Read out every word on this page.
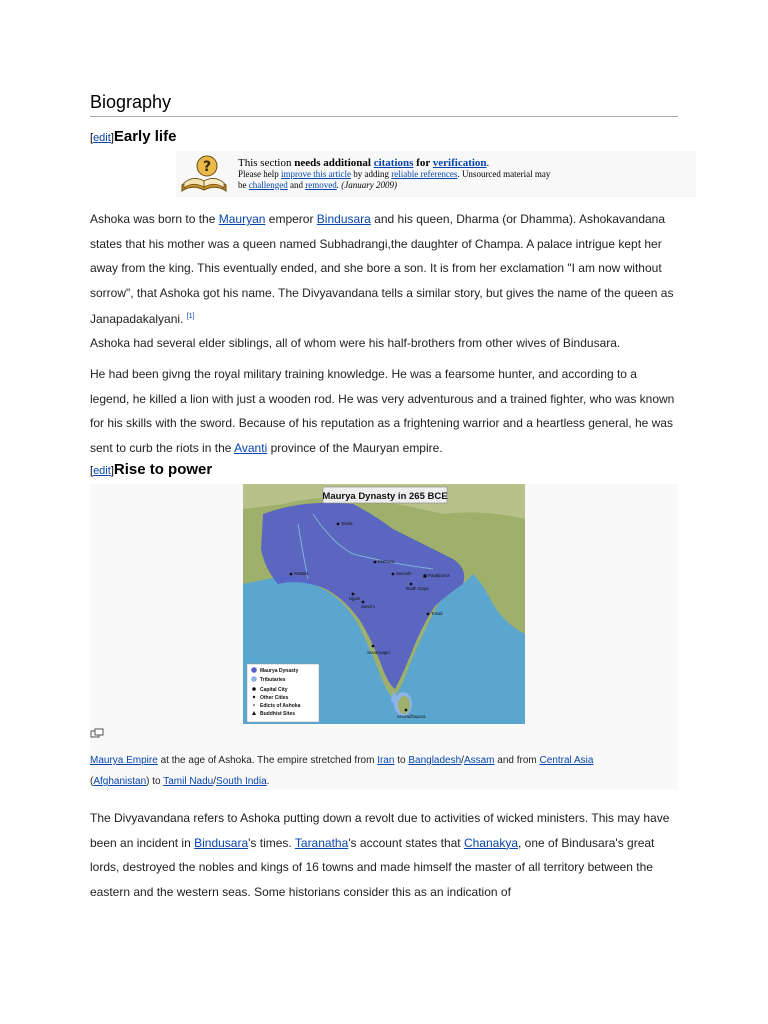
Biography
[edit]Early life
?	This section needs additional citations for verification.
Please help improve this article by adding reliable references. Unsourced material may
be challenged and removed. (January 2009)

Ashoka was born to the Mauryan emperor Bindusara and his queen, Dharma (or Dhamma). Ashokavandana states that his mother was a queen named Subhadrangi,the daughter of Champa. A palace intrigue kept her away from the king. This eventually ended, and she bore a son. It is from her exclamation "I am now without sorrow", that Ashoka got his name. The Divyavandana tells a similar story, but gives the name of the queen as Janapadakalyani. [1]

Ashoka had several elder siblings, all of whom were his half-brothers from other wives of Bindusara.

He had been givng the royal military training knowledge. He was a fearsome hunter, and according to a legend, he killed a lion with just a wooden rod. He was very adventurous and a trained fighter, who was known for his skills with the sword. Because of his reputation as a frightening warrior and a heartless general, he was sent to curb the riots in the Avanti province of the Mauryan empire.

[edit]Rise to power
Maurya Dynasty in 265 BCE
Taxila
Pattala
Mathura
Sarnath	Pataliputra
Bodh Gaya
Ujjain
Sanchi
Tosali
Suvarnagiri
Anuradhapura
Maurya Dynasty
Tributaries
Capital City
Other Cities
Edicts of Ashoka
Buddhist Sites
Maurya Empire at the age of Ashoka. The empire stretched from Iran to Bangladesh/Assam and from Central Asia (Afghanistan) to Tamil Nadu/South India.

The Divyavandana refers to Ashoka putting down a revolt due to activities of wicked ministers. This may have been an incident in Bindusara's times. Taranatha's account states that Chanakya, one of Bindusara's great lords, destroyed the nobles and kings of 16 towns and made himself the master of all territory between the eastern and the western seas. Some historians consider this as an indication of
